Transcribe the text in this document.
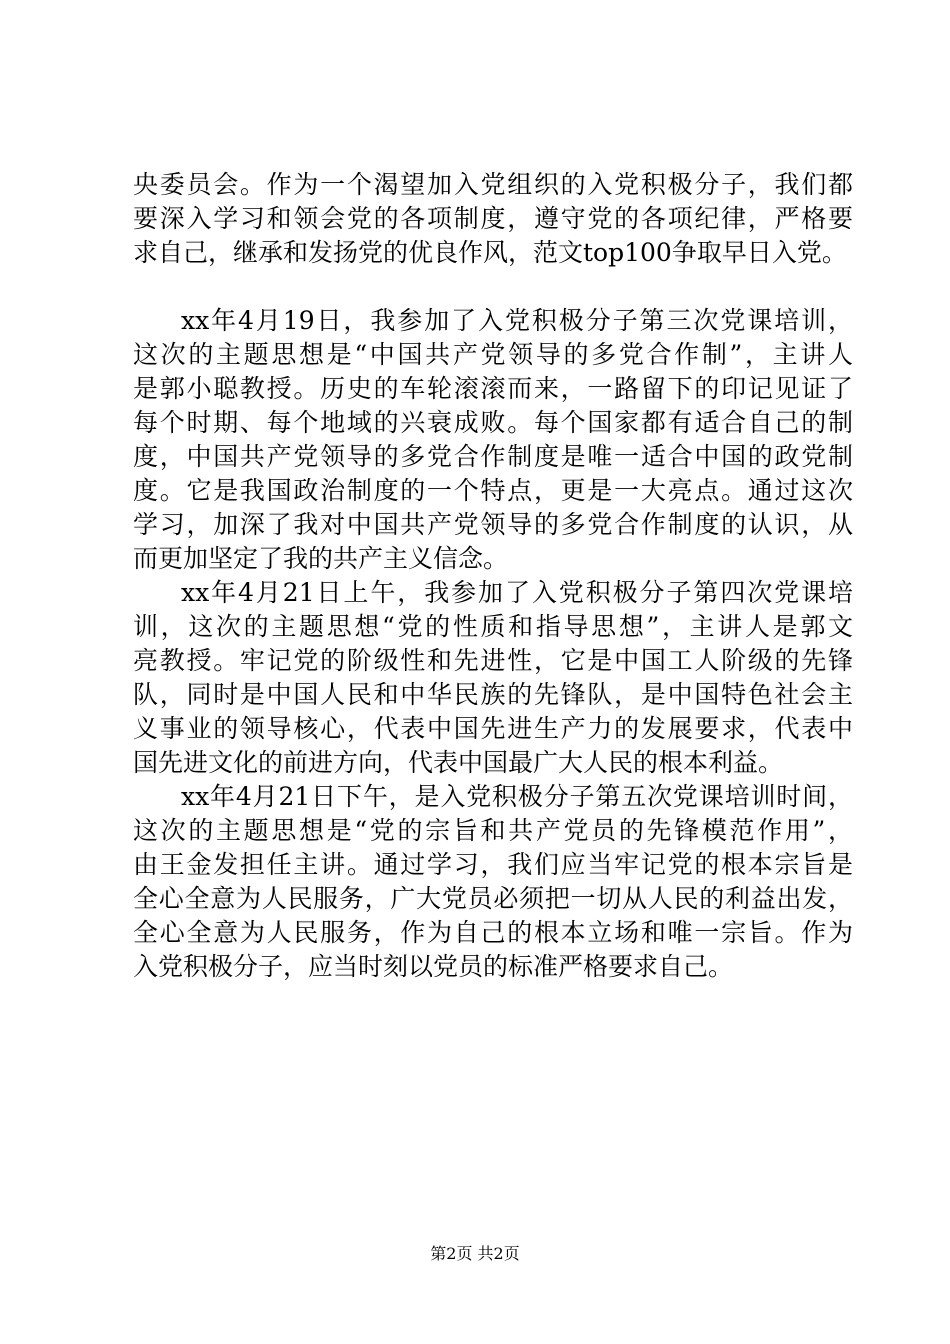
央委员会。作为一个渴望加入党组织的入党积极分子，我们都
要深入学习和领会党的各项制度，遵守党的各项纪律，严格要
求自己，继承和发扬党的优良作风，范文top100争取早日入党。
xx年4月19日，我参加了入党积极分子第三次党课培训，
这次的主题思想是“中国共产党领导的多党合作制”，主讲人
是郭小聪教授。历史的车轮滚滚而来，一路留下的印记见证了
每个时期、每个地域的兴衰成败。每个国家都有适合自己的制
度，中国共产党领导的多党合作制度是唯一适合中国的政党制
度。它是我国政治制度的一个特点，更是一大亮点。通过这次
学习，加深了我对中国共产党领导的多党合作制度的认识，从
而更加坚定了我的共产主义信念。
xx年4月21日上午，我参加了入党积极分子第四次党课培
训，这次的主题思想“党的性质和指导思想”，主讲人是郭文
亮教授。牢记党的阶级性和先进性，它是中国工人阶级的先锋
队，同时是中国人民和中华民族的先锋队，是中国特色社会主
义事业的领导核心，代表中国先进生产力的发展要求，代表中
国先进文化的前进方向，代表中国最广大人民的根本利益。
xx年4月21日下午，是入党积极分子第五次党课培训时间，
这次的主题思想是“党的宗旨和共产党员的先锋模范作用”，
由王金发担任主讲。通过学习，我们应当牢记党的根本宗旨是
全心全意为人民服务，广大党员必须把一切从人民的利益出发，
全心全意为人民服务，作为自己的根本立场和唯一宗旨。作为
入党积极分子，应当时刻以党员的标准严格要求自己。
第2页 共2页
